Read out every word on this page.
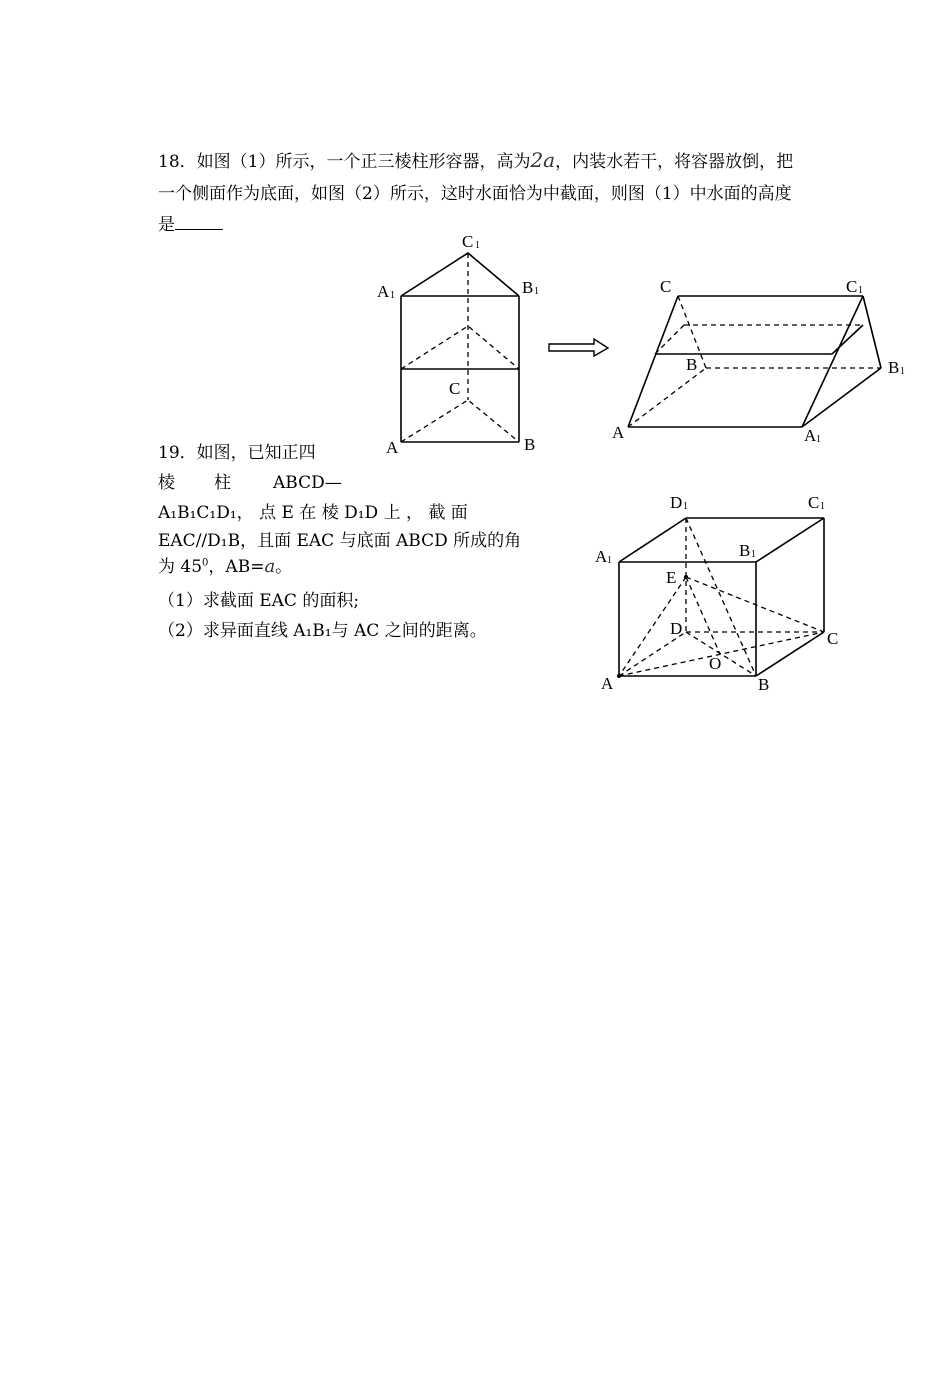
18．如图（1）所示，一个正三棱柱形容器，高为2a，内装水若干，将容器放倒，把
一个侧面作为底面，如图（2）所示，这时水面恰为中截面，则图（1）中水面的高度
是
19．如图，已知正四
棱 柱 ABCD—
A₁B₁C₁D₁， 点 E 在 棱 D₁D 上 ， 截 面
EAC//D₁B，且面 EAC 与底面 ABCD 所成的角
为 $45^0$，AB=a。
（1）求截面 EAC 的面积;
（2）求异面直线 A₁B₁与 AC 之间的距离。
C 1
A 1	B 1
C
A	B
C	C 1
B	B 1
A	A 1
D 1	C 1
A 1
B 1
E
D
C
O
A	B
